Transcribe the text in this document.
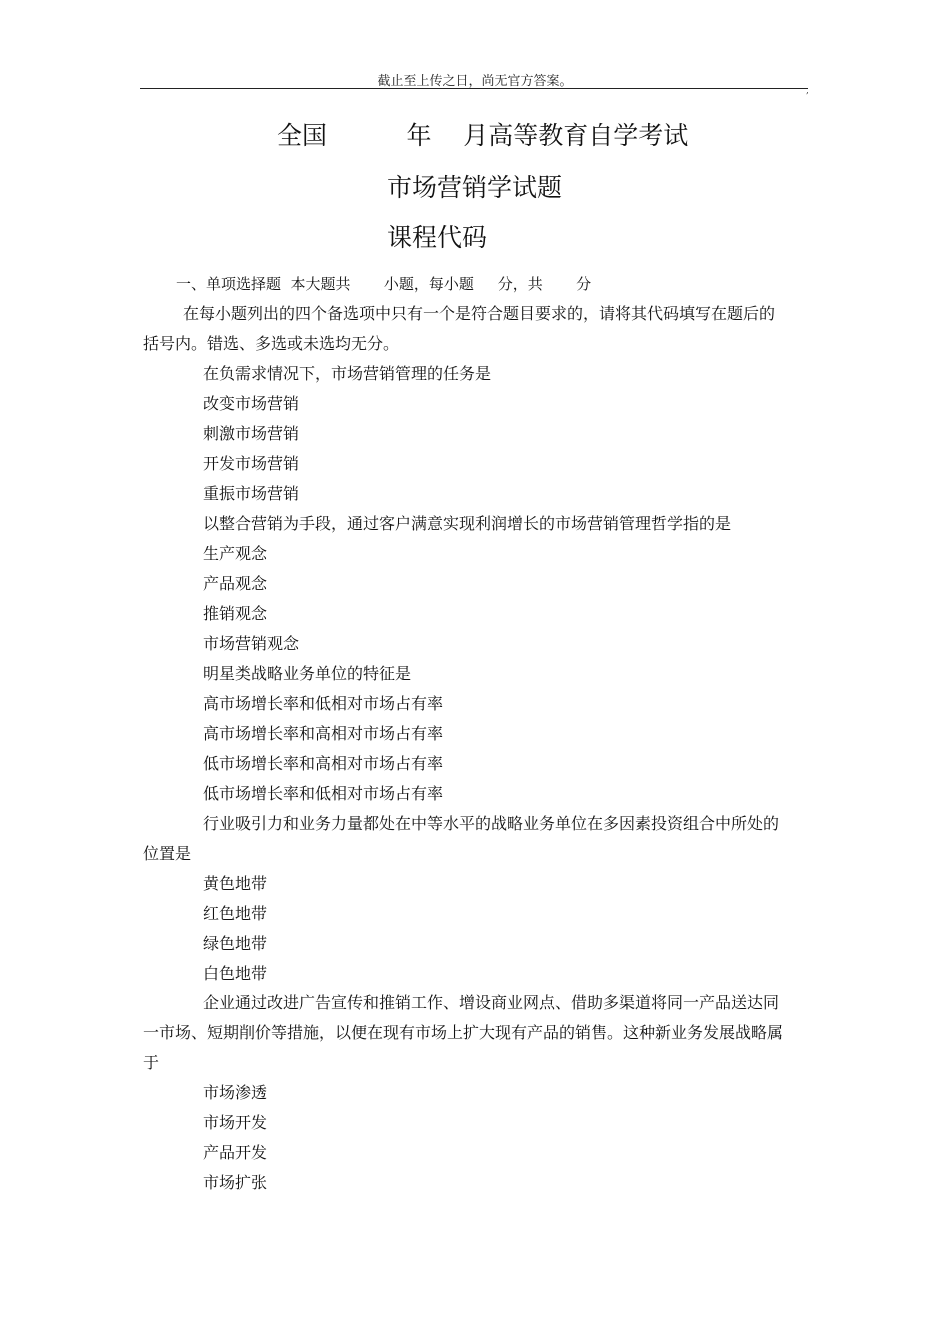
截止至上传之日，尚无官方答案。
,
全国          年    月高等教育自学考试
市场营销学试题
课程代码
一、单项选择题  本大题共       小题，每小题     分，共       分
在每小题列出的四个备选项中只有一个是符合题目要求的，请将其代码填写在题后的
括号内。错选、多选或未选均无分。
在负需求情况下，市场营销管理的任务是
改变市场营销
刺激市场营销
开发市场营销
重振市场营销
以整合营销为手段，通过客户满意实现利润增长的市场营销管理哲学指的是
生产观念
产品观念
推销观念
市场营销观念
明星类战略业务单位的特征是
高市场增长率和低相对市场占有率
高市场增长率和高相对市场占有率
低市场增长率和高相对市场占有率
低市场增长率和低相对市场占有率
行业吸引力和业务力量都处在中等水平的战略业务单位在多因素投资组合中所处的
位置是
黄色地带
红色地带
绿色地带
白色地带
企业通过改进广告宣传和推销工作、增设商业网点、借助多渠道将同一产品送达同
一市场、短期削价等措施，以便在现有市场上扩大现有产品的销售。这种新业务发展战略属
于
市场渗透
市场开发
产品开发
市场扩张
